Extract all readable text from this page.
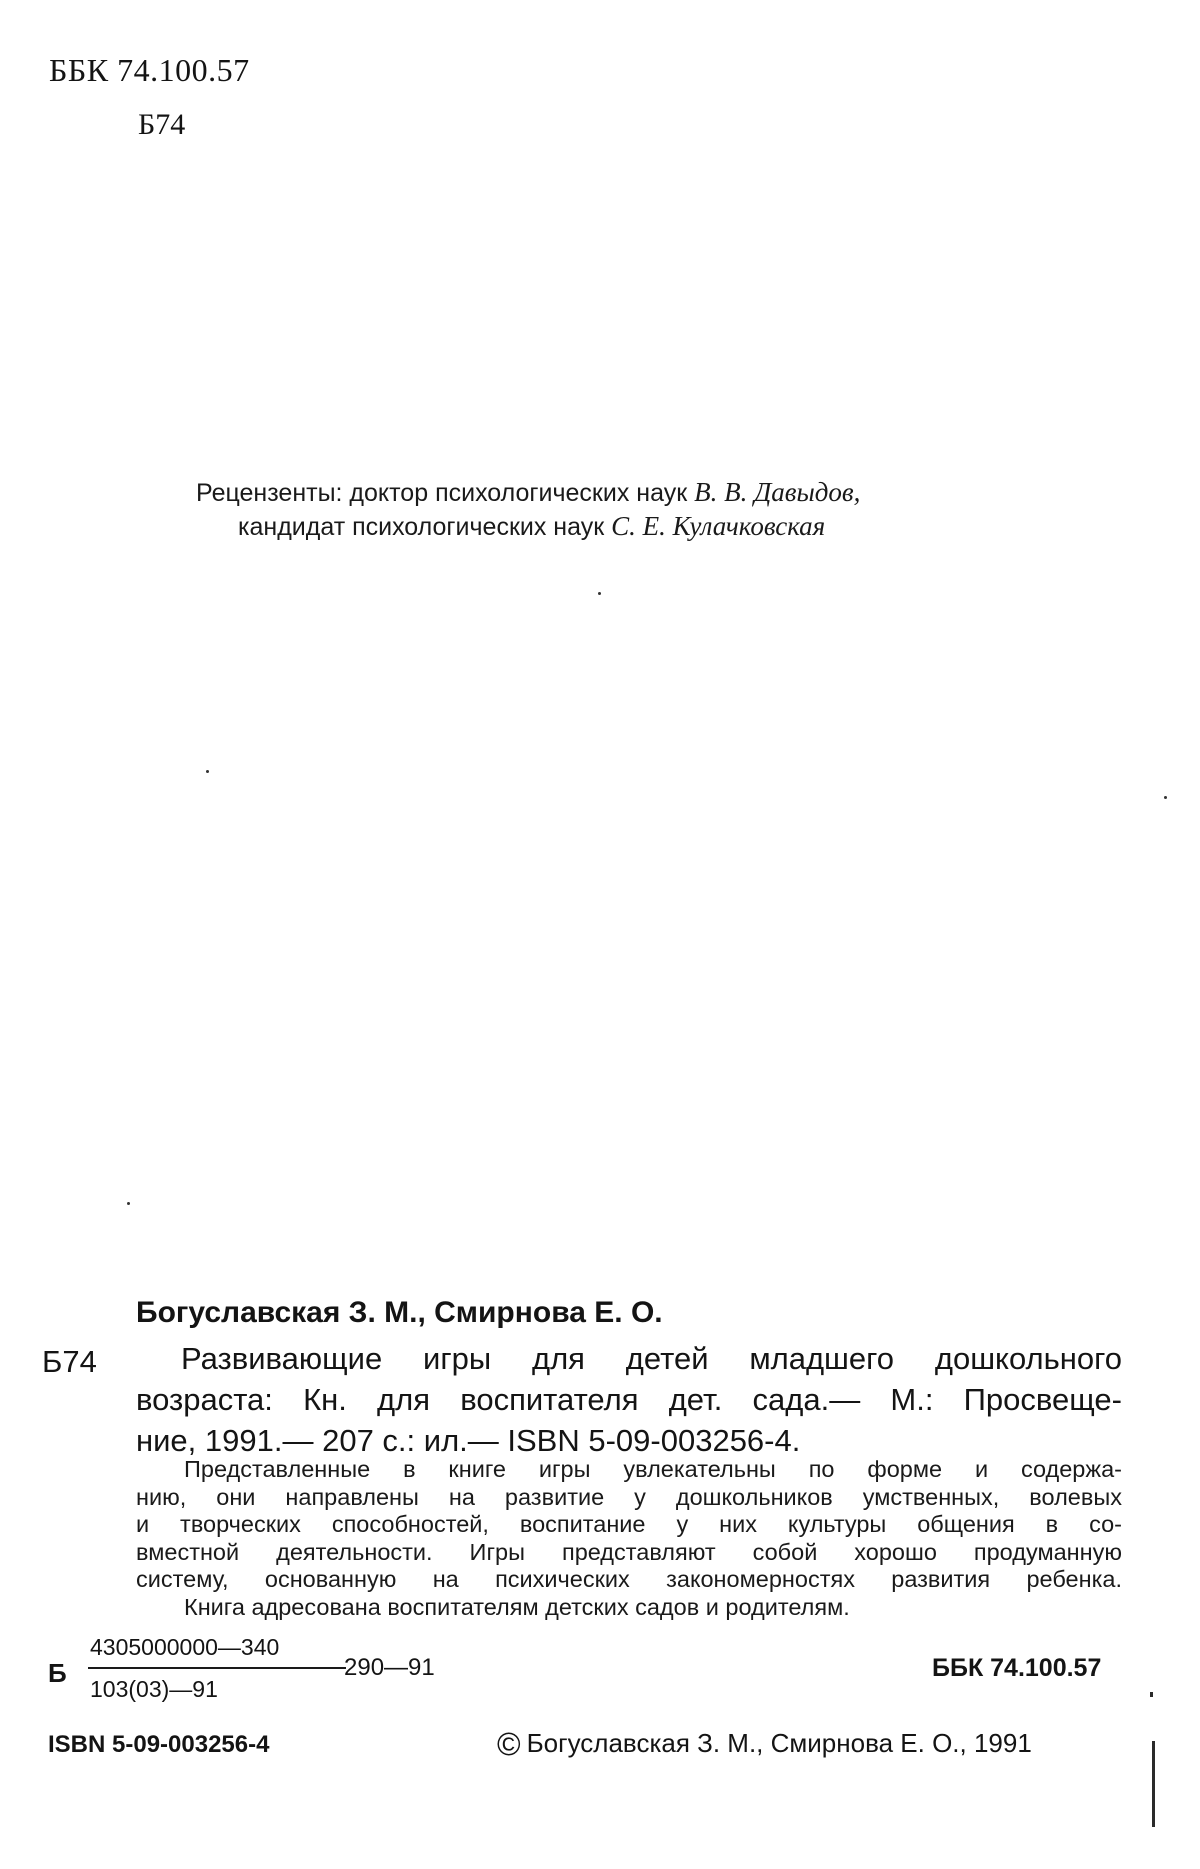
ББК 74.100.57
Б74
Рецензенты: доктор психологических наук В. В. Давыдов,
кандидат психологических наук С. Е. Кулачковская
Богуславская З. М., Смирнова Е. О.
Б74	Развивающие игры для детей младшего дошкольного
возраста: Кн. для воспитателя дет. сада.— М.: Просвеще-
ние, 1991.— 207 с.: ил.— ISBN 5-09-003256-4.
Представленные в книге игры увлекательны по форме и содержа-
нию, они направлены на развитие у дошкольников умственных, волевых
и творческих способностей, воспитание у них культуры общения в со-
вместной деятельности. Игры представляют собой хорошо продуманную
систему, основанную на психических закономерностях развития ребенка.
Книга адресована воспитателям детских садов и родителям.
Б
4305000000—340
103(03)—91
290—91	ББК 74.100.57
ISBN 5-09-003256-4	© Богуславская З. М., Смирнова Е. О., 1991
